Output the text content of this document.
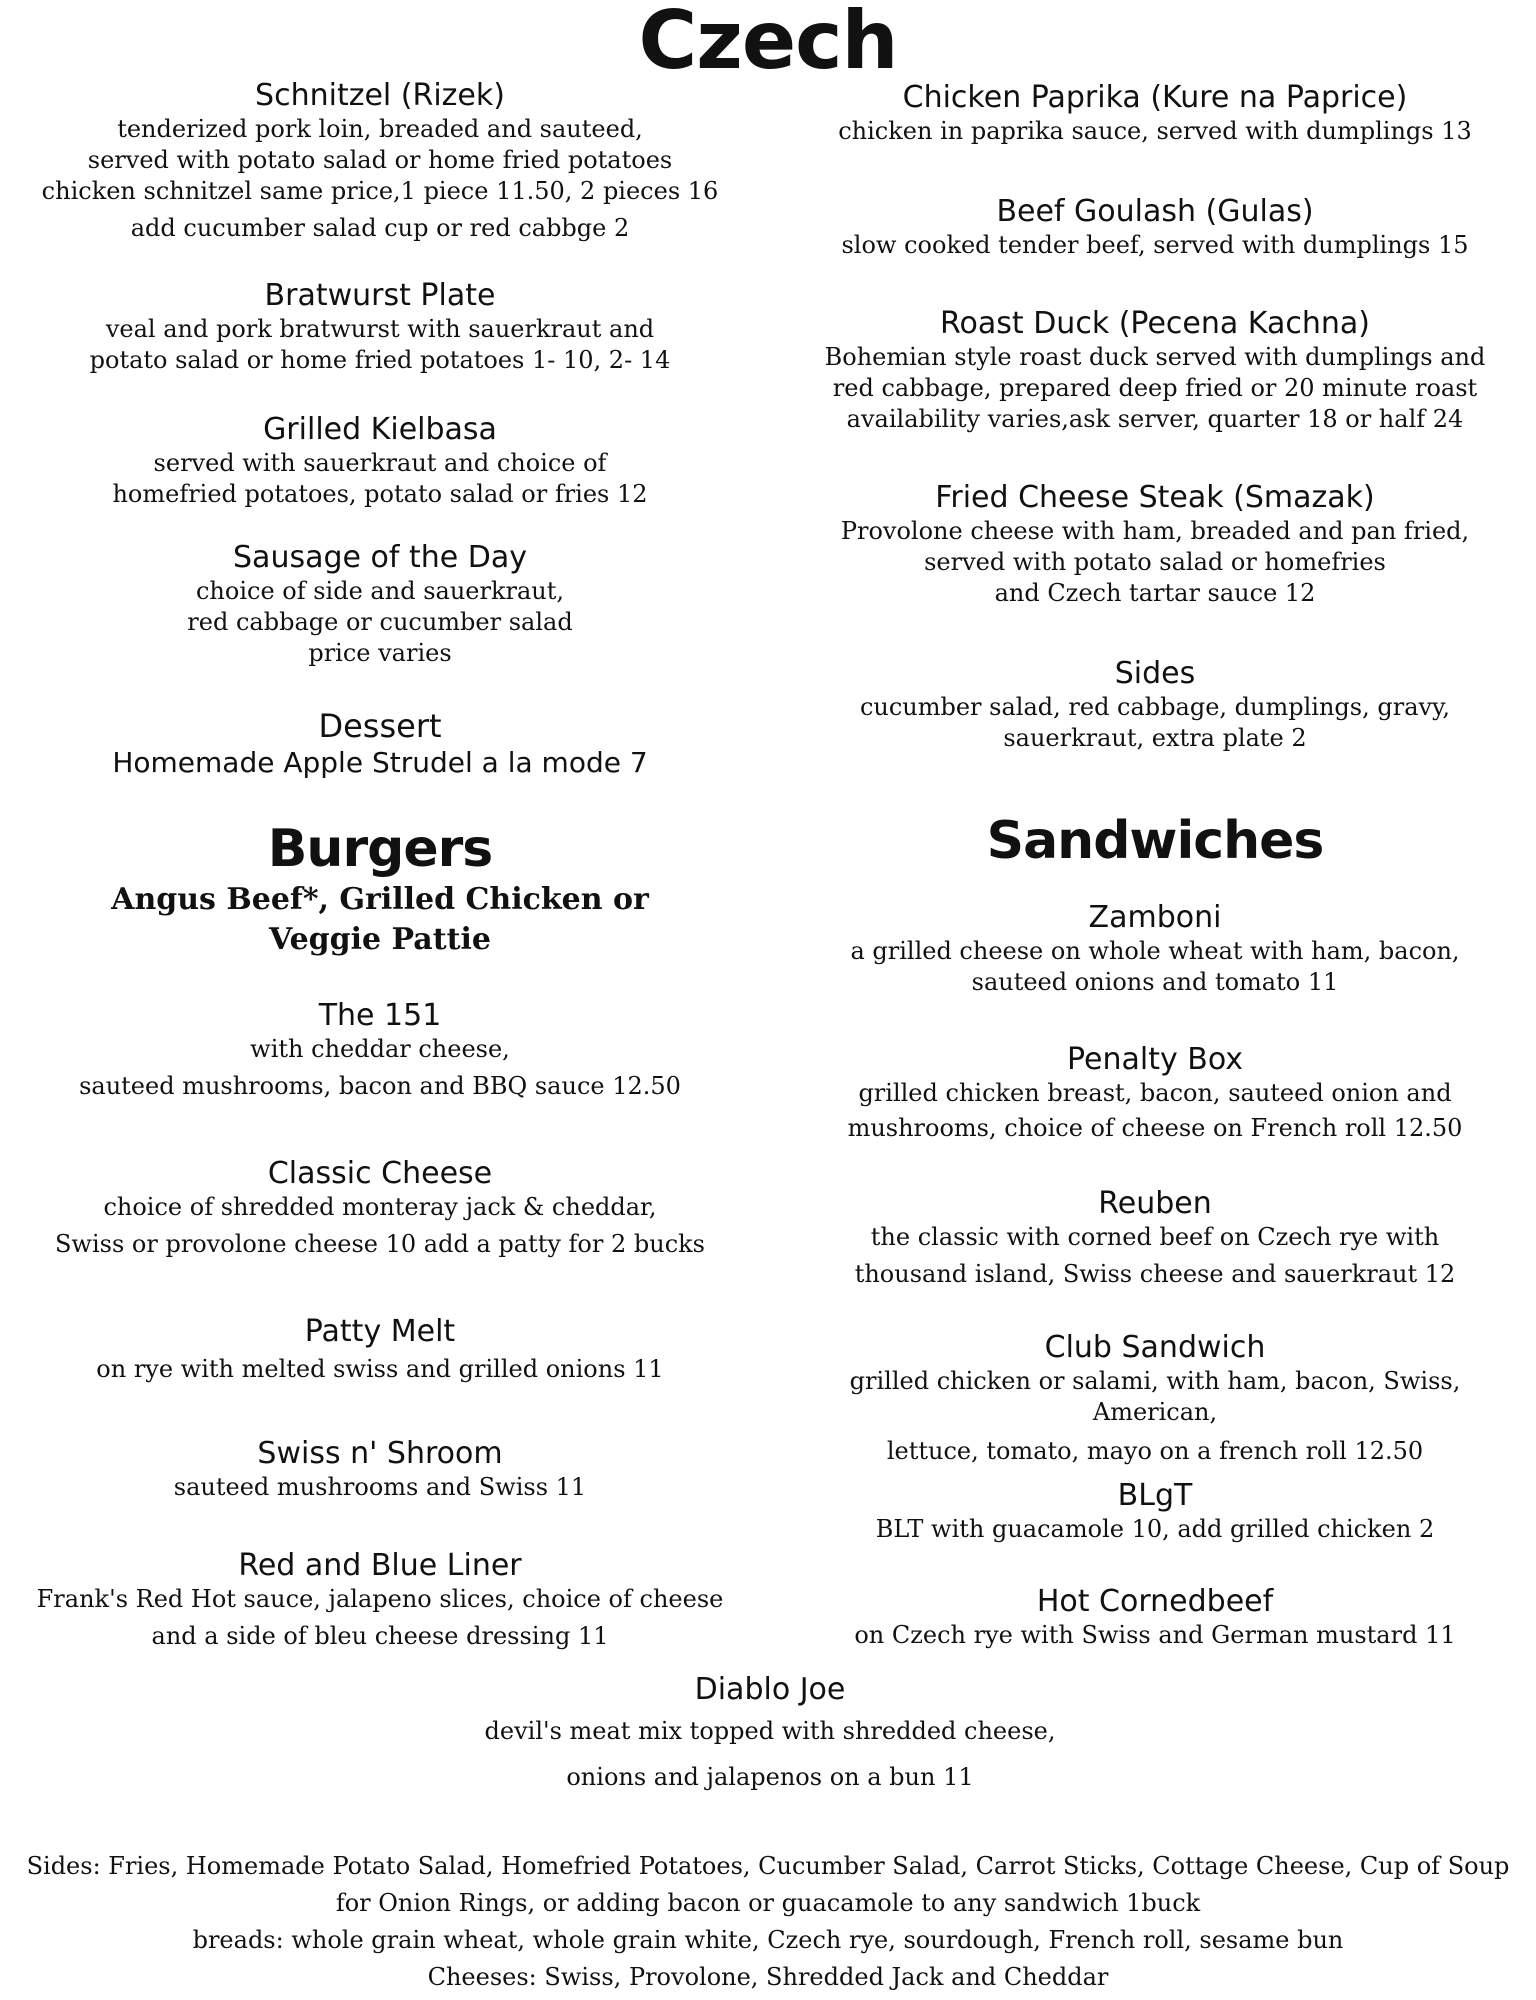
Czech
Schnitzel (Rizek)
tenderized pork loin, breaded and sauteed,
served with potato salad or home fried potatoes
chicken schnitzel same price,1 piece 11.50, 2 pieces 16
add cucumber salad cup or red cabbge 2
Bratwurst Plate
veal and pork bratwurst with sauerkraut and
potato salad or home fried potatoes 1- 10, 2- 14
Grilled Kielbasa
served with sauerkraut and choice of
homefried potatoes, potato salad or fries 12
Sausage of the Day
choice of side and sauerkraut,
red cabbage or cucumber salad
price varies
Dessert
Homemade Apple Strudel a la mode 7
Burgers
Angus Beef*, Grilled Chicken or
Veggie Pattie
The 151
with cheddar cheese,
sauteed mushrooms, bacon and BBQ sauce 12.50
Classic Cheese
choice of shredded monteray jack & cheddar,
Swiss or provolone cheese 10 add a patty for 2 bucks
Patty Melt
on rye with melted swiss and grilled onions 11
Swiss n' Shroom
sauteed mushrooms and Swiss 11
Red and Blue Liner
Frank's Red Hot sauce, jalapeno slices, choice of cheese
and a side of bleu cheese dressing 11
Chicken Paprika (Kure na Paprice)
chicken in paprika sauce, served with dumplings 13
Beef Goulash (Gulas)
slow cooked tender beef, served with dumplings 15
Roast Duck (Pecena Kachna)
Bohemian style roast duck served with dumplings and
red cabbage, prepared deep fried or 20 minute roast
availability varies,ask server, quarter 18 or half 24
Fried Cheese Steak (Smazak)
Provolone cheese with ham, breaded and pan fried,
served with potato salad or homefries
and Czech tartar sauce 12
Sides
cucumber salad, red cabbage, dumplings, gravy,
sauerkraut, extra plate 2
Sandwiches
Zamboni
a grilled cheese on whole wheat with ham, bacon,
sauteed onions and tomato 11
Penalty Box
grilled chicken breast, bacon, sauteed onion and
mushrooms, choice of cheese on French roll 12.50
Reuben
the classic with corned beef on Czech rye with
thousand island, Swiss cheese and sauerkraut 12
Club Sandwich
grilled chicken or salami, with ham, bacon, Swiss, American,
lettuce, tomato, mayo on a french roll 12.50
BLgT
BLT with guacamole 10, add grilled chicken 2
Hot Cornedbeef
on Czech rye with Swiss and German mustard 11
Diablo Joe
devil's meat mix topped with shredded cheese,
onions and jalapenos on a bun 11
Sides: Fries, Homemade Potato Salad, Homefried Potatoes, Cucumber Salad, Carrot Sticks, Cottage Cheese, Cup of Soup
for Onion Rings, or adding bacon or guacamole to any sandwich 1buck
breads: whole grain wheat, whole grain white, Czech rye, sourdough, French roll, sesame bun
Cheeses: Swiss, Provolone, Shredded Jack and Cheddar
